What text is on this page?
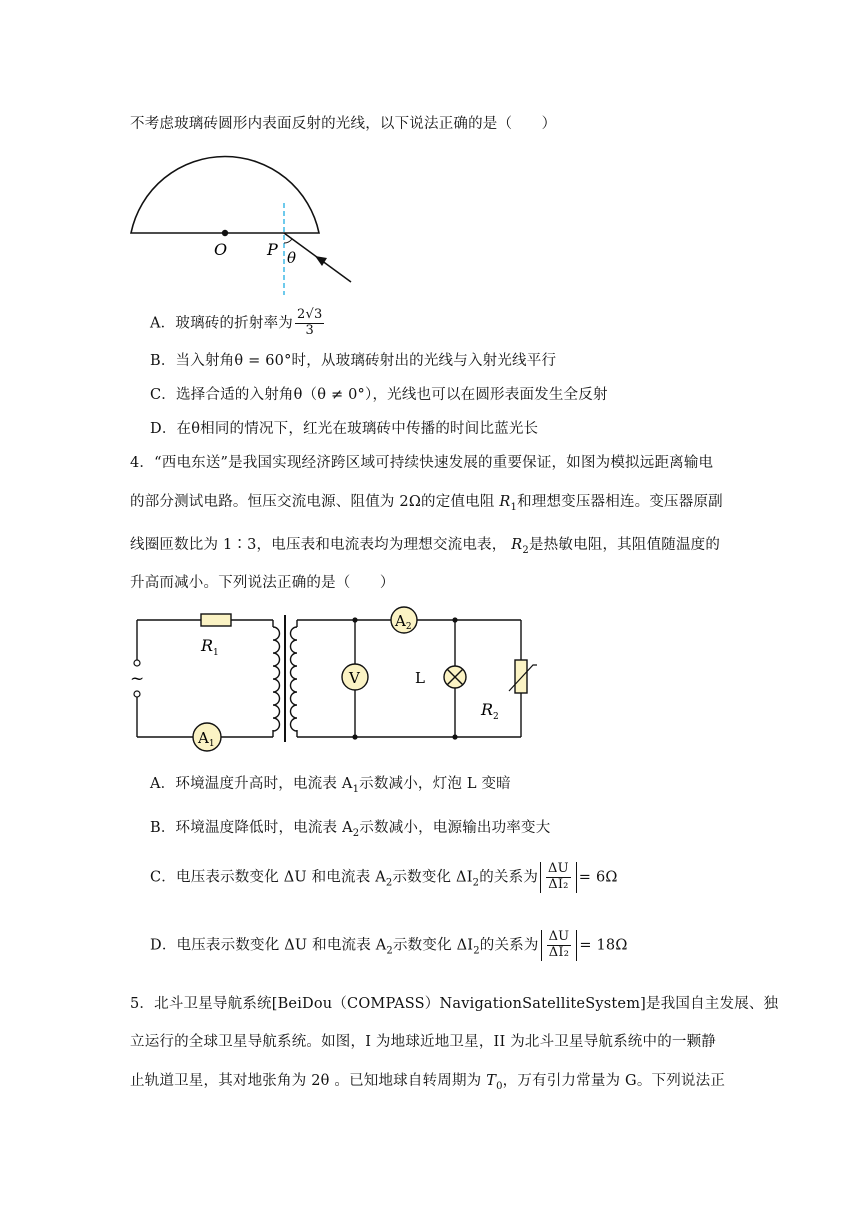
不考虑玻璃砖圆形内表面反射的光线，以下说法正确的是（　　）
O P θ
A．玻璃砖的折射率为 $\frac{2√3}{3}$
B．当入射角θ = 60°时，从玻璃砖射出的光线与入射光线平行
C．选择合适的入射角θ（θ ≠ 0°），光线也可以在圆形表面发生全反射
D．在θ相同的情况下，红光在玻璃砖中传播的时间比蓝光长
4．“西电东送”是我国实现经济跨区域可持续快速发展的重要保证，如图为模拟远距离输电
的部分测试电路。恒压交流电源、阻值为 2Ω的定值电阻 $R_1$和理想变压器相连。变压器原副
线圈匝数比为 1∶3，电压表和电流表均为理想交流电表， $R_2$是热敏电阻，其阻值随温度的
升高而减小。下列说法正确的是（　　）
~
$A_1$
$A_2$
V	L
$R_1$
$R_2$
A．环境温度升高时，电流表 $A_1$示数减小，灯泡 L 变暗
B．环境温度降低时，电流表 $A_2$示数减小，电源输出功率变大
C．电压表示数变化 ΔU 和电流表 $A_2$示数变化 $\Delta I_2$的关系为 $\frac{\Delta U}{\text{ΔI₂}} = 6\Omega$
D．电压表示数变化 ΔU 和电流表 $A_2$示数变化 $\Delta I_2$的关系为 $\frac{\Delta U}{\text{ΔI₂}} = 18\Omega$
5．北斗卫星导航系统[BeiDou（COMPASS）NavigationSatelliteSystem]是我国自主发展、独
立运行的全球卫星导航系统。如图，I 为地球近地卫星，II 为北斗卫星导航系统中的一颗静
止轨道卫星，其对地张角为 2θ 。已知地球自转周期为 $T_0$，万有引力常量为 G。下列说法正
